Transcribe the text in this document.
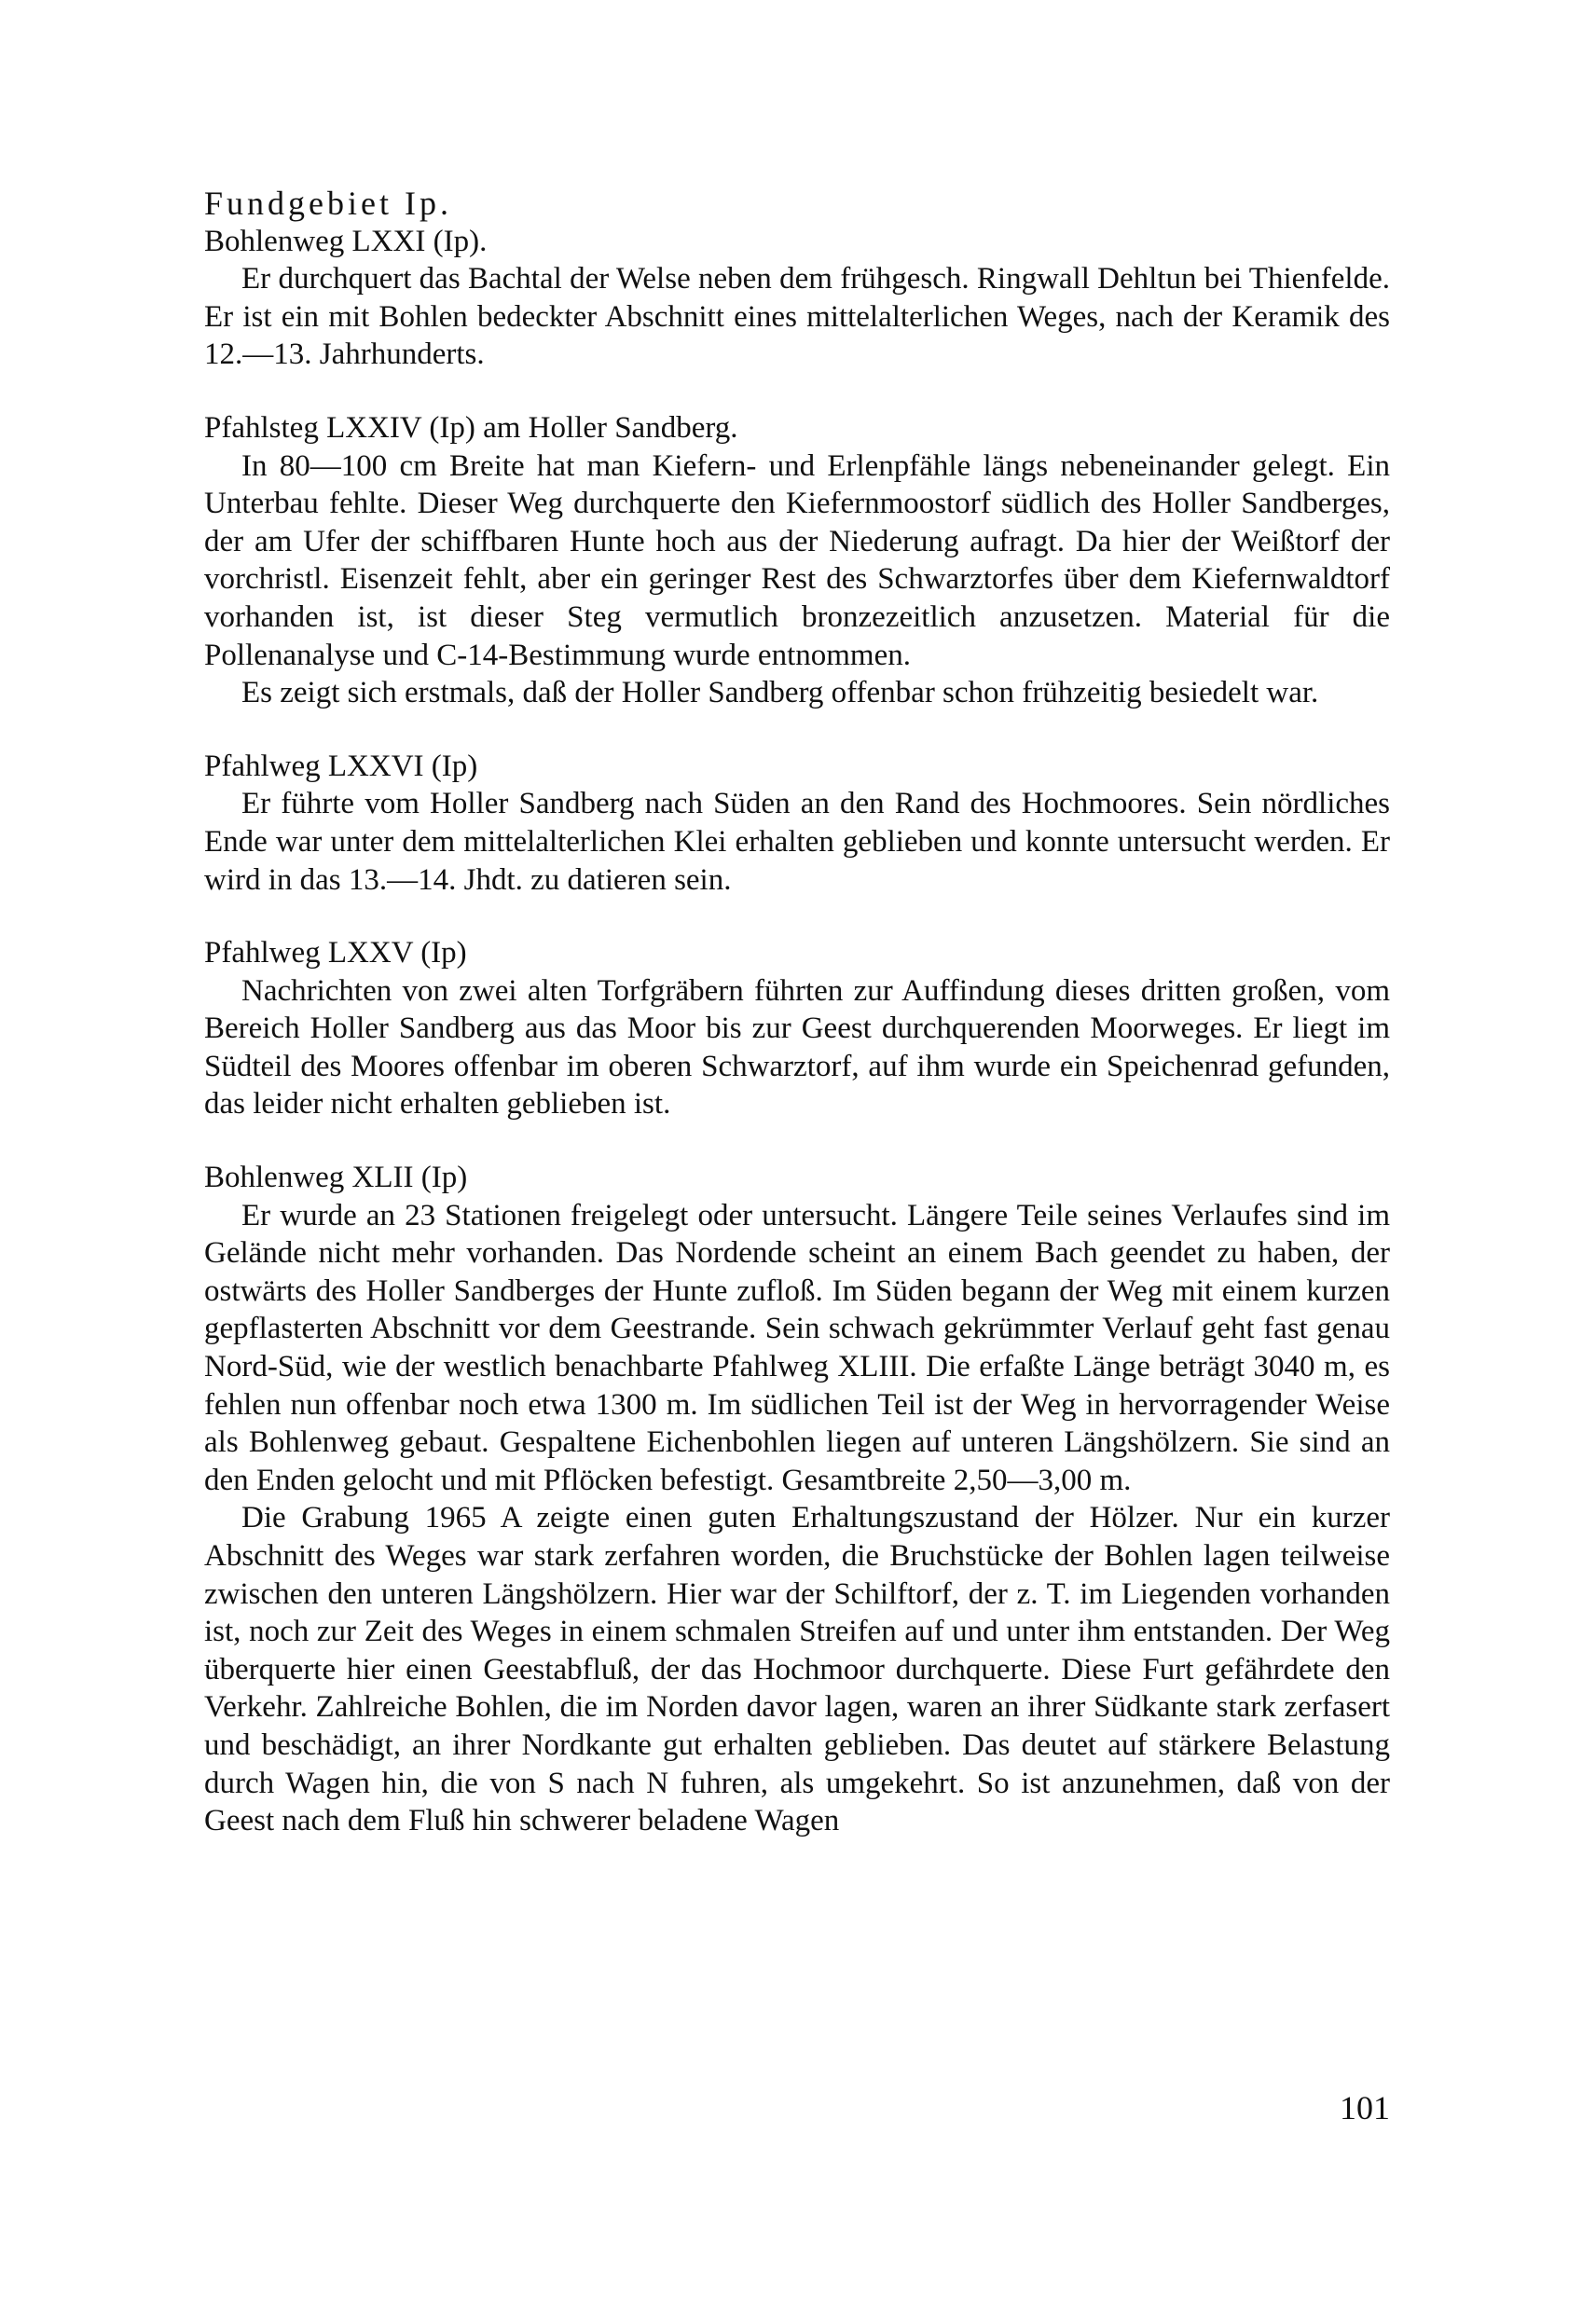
Fundgebiet Ip.

Bohlenweg LXXI (Ip).

Er durchquert das Bachtal der Welse neben dem frühgesch. Ringwall Dehltun bei Thienfelde. Er ist ein mit Bohlen bedeckter Abschnitt eines mittelalterlichen Weges, nach der Keramik des 12.—13. Jahrhunderts.

Pfahlsteg LXXIV (Ip) am Holler Sandberg.

In 80—100 cm Breite hat man Kiefern- und Erlenpfähle längs nebeneinander gelegt. Ein Unterbau fehlte. Dieser Weg durchquerte den Kiefernmoostorf südlich des Holler Sandberges, der am Ufer der schiffbaren Hunte hoch aus der Niederung aufragt. Da hier der Weißtorf der vorchristl. Eisenzeit fehlt, aber ein geringer Rest des Schwarztorfes über dem Kiefernwaldtorf vorhanden ist, ist dieser Steg vermutlich bronzezeitlich anzusetzen. Material für die Pollenanalyse und C-14-Bestimmung wurde entnommen.

Es zeigt sich erstmals, daß der Holler Sandberg offenbar schon frühzeitig besiedelt war.

Pfahlweg LXXVI (Ip)

Er führte vom Holler Sandberg nach Süden an den Rand des Hochmoores. Sein nördliches Ende war unter dem mittelalterlichen Klei erhalten geblieben und konnte untersucht werden. Er wird in das 13.—14. Jhdt. zu datieren sein.

Pfahlweg LXXV (Ip)

Nachrichten von zwei alten Torfgräbern führten zur Auffindung dieses dritten großen, vom Bereich Holler Sandberg aus das Moor bis zur Geest durchquerenden Moorweges. Er liegt im Südteil des Moores offenbar im oberen Schwarztorf, auf ihm wurde ein Speichenrad gefunden, das leider nicht erhalten geblieben ist.

Bohlenweg XLII (Ip)

Er wurde an 23 Stationen freigelegt oder untersucht. Längere Teile seines Verlaufes sind im Gelände nicht mehr vorhanden. Das Nordende scheint an einem Bach geendet zu haben, der ostwärts des Holler Sandberges der Hunte zufloß. Im Süden begann der Weg mit einem kurzen gepflasterten Abschnitt vor dem Geestrande. Sein schwach gekrümmter Verlauf geht fast genau Nord-Süd, wie der westlich benachbarte Pfahlweg XLIII. Die erfaßte Länge beträgt 3040 m, es fehlen nun offenbar noch etwa 1300 m. Im südlichen Teil ist der Weg in hervorragender Weise als Bohlenweg gebaut. Gespaltene Eichenbohlen liegen auf unteren Längshölzern. Sie sind an den Enden gelocht und mit Pflöcken befestigt. Gesamtbreite 2,50—3,00 m.

Die Grabung 1965 A zeigte einen guten Erhaltungszustand der Hölzer. Nur ein kurzer Abschnitt des Weges war stark zerfahren worden, die Bruchstücke der Bohlen lagen teilweise zwischen den unteren Längshölzern. Hier war der Schilftorf, der z. T. im Liegenden vorhanden ist, noch zur Zeit des Weges in einem schmalen Streifen auf und unter ihm entstanden. Der Weg überquerte hier einen Geestabfluß, der das Hochmoor durchquerte. Diese Furt gefährdete den Verkehr. Zahlreiche Bohlen, die im Norden davor lagen, waren an ihrer Südkante stark zerfasert und beschädigt, an ihrer Nordkante gut erhalten geblieben. Das deutet auf stärkere Belastung durch Wagen hin, die von S nach N fuhren, als umgekehrt. So ist anzunehmen, daß von der Geest nach dem Fluß hin schwerer beladene Wagen

101
